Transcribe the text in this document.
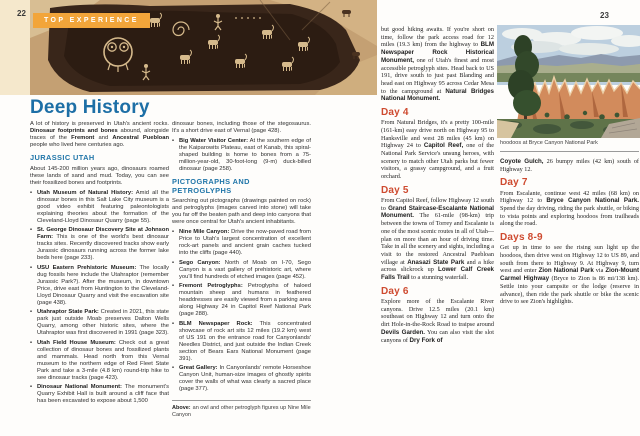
22	23
TOP EXPERIENCE
Deep History

A lot of history is preserved in Utah's ancient rocks. Dinosaur footprints and bones abound, alongside traces of the Fremont and Ancestral Puebloan people who lived here centuries ago.

JURASSIC UTAH

About 145-200 million years ago, dinosaurs roamed these lands of sand and mud. Today, you can see their fossilized bones and footprints.

• Utah Museum of Natural History: Amid all the dinosaur bones in this Salt Lake City museum is a good video exhibit featuring paleontologists explaining theories about the formation of the Cleveland-Lloyd Dinosaur Quarry (page 55).
• St. George Dinosaur Discovery Site at Johnson Farm: This is one of the world's best dinosaur tracks sites. Recently discovered tracks show early Jurassic dinosaurs running across the former lake beds here (page 233).
• USU Eastern Prehistoric Museum: The locally dug fossils here include the Utahraptor (remember Jurassic Park?). After the museum, in downtown Price, drive east from Huntington to the Cleveland-Lloyd Dinosaur Quarry and visit the excavation site (page 438).
• Utahraptor State Park: Created in 2021, this state park just outside Moab preserves Dalton Wells Quarry, among other historic sites, where the Utahraptor was first discovered in 1991 (page 323).
• Utah Field House Museum: Check out a great collection of dinosaur bones and fossilized plants and mammals. Head north from this Vernal museum to the northern edge of Red Fleet State Park and take a 3-mile (4.8 km) round-trip hike to see dinosaur tracks (page 423).
• Dinosaur National Monument: The monument's Quarry Exhibit Hall is built around a cliff face that has been excavated to expose about 1,500

dinosaur bones, including those of the stegosaurus. It's a short drive east of Vernal (page 428).

• Big Water Visitor Center: At the southern edge of the Kaiparowits Plateau, east of Kanab, this spiral-shaped building is home to bones from a 75-million-year-old, 30-foot-long (9-m) duck-billed dinosaur (page 258).
PICTOGRAPHS AND PETROGLYPHS

Searching out pictographs (drawings painted on rock) and petroglyphs (images carved into stone) will take you far off the beaten path and deep into canyons that were once central for Utah's ancient inhabitants.

• Nine Mile Canyon: Drive the now-paved road from Price to Utah's largest concentration of excellent rock-art panels and ancient grain caches tucked into the cliffs (page 440).
• Sego Canyon: North of Moab on I-70, Sego Canyon is a vast gallery of prehistoric art, where you'll find hundreds of etched images (page 452).
• Fremont Petroglyphs: Petroglyphs of haloed mountain sheep and humans in feathered headdresses are easily viewed from a parking area along Highway 24 in Capitol Reef National Park (page 288).
• BLM Newspaper Rock: This concentrated showcase of rock art sits 12 miles (19.2 km) west of US 191 on the entrance road for Canyonlands' Needles District, and just outside the Indian Creek section of Bears Ears National Monument (page 391).
• Great Gallery: In Canyonlands' remote Horseshoe Canyon Unit, human-size images of ghostly spirits cover the walls of what was clearly a sacred place (page 377).
Above: an owl and other petroglyph figures up Nine Mile Canyon

but good hiking awaits. If you're short on time, follow the park access road for 12 miles (19.3 km) from the highway to BLM Newspaper Rock Historical Monument, one of Utah's finest and most accessible petroglyph sites. Head back to US 191, drive south to just past Blanding and head east on Highway 95 across Cedar Mesa to the campground at Natural Bridges National Monument.

Day 4

From Natural Bridges, it's a pretty 100-mile (161-km) easy drive north on Highway 95 to Hanksville and west 28 miles (45 km) on Highway 24 to Capitol Reef, one of the National Park Service's unsung heroes, with scenery to match other Utah parks but fewer visitors, a grassy campground, and a fruit orchard.

Day 5

From Capitol Reef, follow Highway 12 south to Grand Staircase-Escalante National Monument. The 61-mile (98-km) trip between the towns of Torrey and Escalante is one of the most scenic routes in all of Utah—plan on more than an hour of driving time. Take in all the scenery and sights, including a visit to the restored Ancestral Puebloan village at Anasazi State Park and a hike across slickrock up Lower Calf Creek Falls Trail to a stunning waterfall.

Day 6

Explore more of the Escalante River canyons. Drive 12.5 miles (20.1 km) southeast on Highway 12 and turn onto the dirt Hole-in-the-Rock Road to traipse around Devils Garden. You can also visit the slot canyons of Dry Fork of

hoodoos at Bryce Canyon National Park

Coyote Gulch, 26 bumpy miles (42 km) south of Highway 12.

Day 7

From Escalante, continue west 42 miles (68 km) on Highway 12 to Bryce Canyon National Park. Spend the day driving, riding the park shuttle, or biking to vista points and exploring hoodoos from trailheads along the road.

Days 8-9

Get up in time to see the rising sun light up the hoodoos, then drive west on Highway 12 to US 89, and south from there to Highway 9. At Highway 9, turn west and enter Zion National Park via Zion-Mount Carmel Highway (Bryce to Zion is 86 mi/138 km). Settle into your campsite or the lodge (reserve in advance), then ride the park shuttle or bike the scenic drive to see Zion's highlights.
